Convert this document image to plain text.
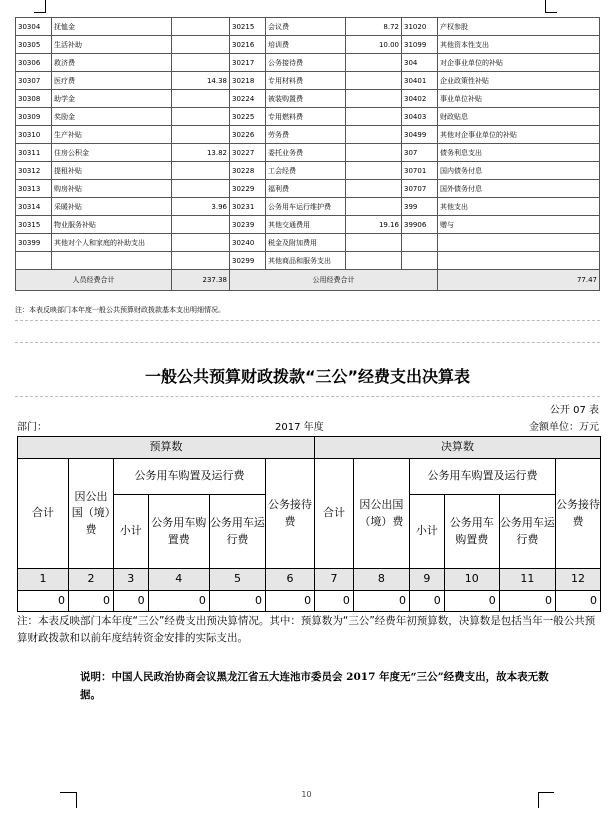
30304	抚恤金		30215	会议费	8.72	31020	产权参股
30305	生活补助		30216	培训费	10.00	31099	其他资本性支出
30306	救济费		30217	公务接待费		304	对企事业单位的补贴
30307	医疗费	14.38	30218	专用材料费		30401	企业政策性补贴
30308	助学金		30224	被装购置费		30402	事业单位补贴
30309	奖励金		30225	专用燃料费		30403	财政贴息
30310	生产补贴		30226	劳务费		30499	其他对企事业单位的补贴
30311	住房公积金	13.82	30227	委托业务费		307	债务利息支出
30312	提租补贴		30228	工会经费		30701	国内债务付息
30313	购房补贴		30229	福利费		30707	国外债务付息
30314	采暖补贴	3.96	30231	公务用车运行维护费		399	其他支出
30315	物业服务补贴		30239	其他交通费用	19.16	39906	赠与
30399	其他对个人和家庭的补助支出		30240	税金及附加费用			
			30299	其他商品和服务支出			
人员经费合计		237.38	公用经费合计				77.47
注：本表反映部门本年度一般公共预算财政拨款基本支出明细情况。
一般公共预算财政拨款“三公”经费支出决算表
公开 07 表
部门：	2017 年度	金额单位：万元
预算数						决算数					
合计	因公出国（境）费	公务用车购置及运行费			公务接待费	合计	因公出国（境）费	公务用车购置及运行费			公务接待费
		小计	公务用车购置费	公务用车运行费				小计	公务用车购置费	公务用车运行费	
1	2	3	4	5	6	7	8	9	10	11	12
0	0	0	0	0	0	0	0	0	0	0	0
注：本表反映部门本年度“三公”经费支出预决算情况。其中：预算数为“三公”经费年初预算数，决算数是包括当年一般公共预算财政拨款和以前年度结转资金安排的实际支出。
说明：中国人民政治协商会议黑龙江省五大连池市委员会 2017 年度无“三公”经费支出，故本表无数据。
10
